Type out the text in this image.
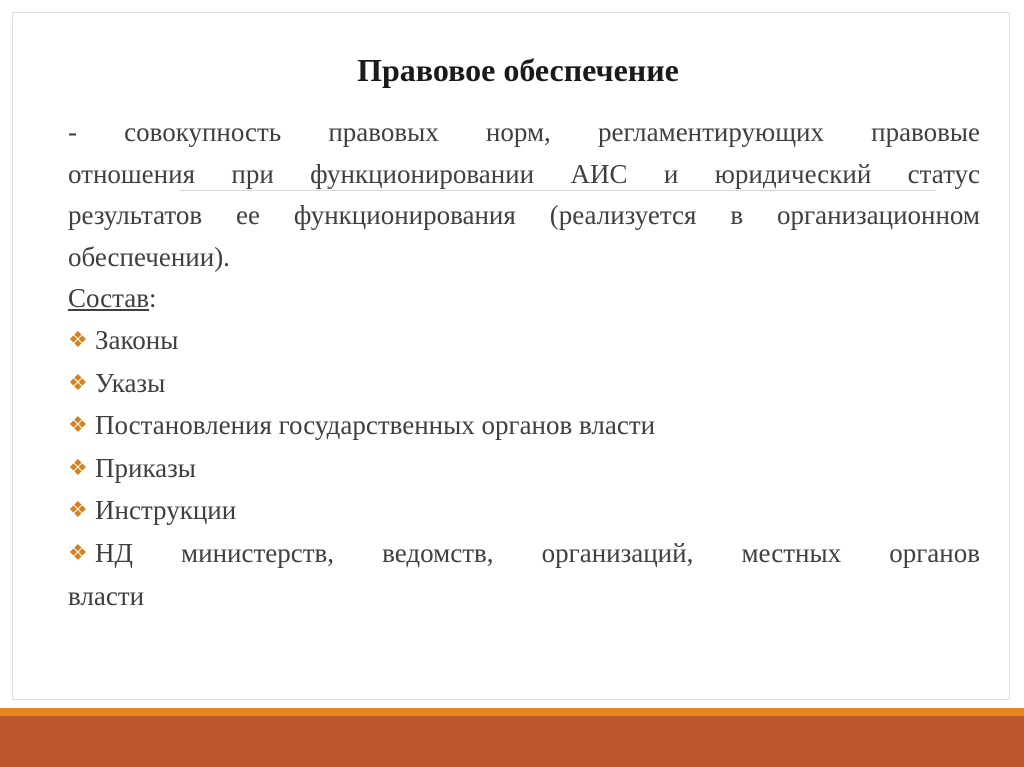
Правовое обеспечение

- совокупность правовых норм, регламентирующих правовые
отношения при функционировании АИС и юридический статус
результатов ее функционирования (реализуется в организационном
обеспечении).

Состав:

❖ Законы
❖ Указы
❖ Постановления государственных органов власти
❖ Приказы
❖ Инструкции
❖ НД министерств, ведомств, организаций, местных органов
власти
